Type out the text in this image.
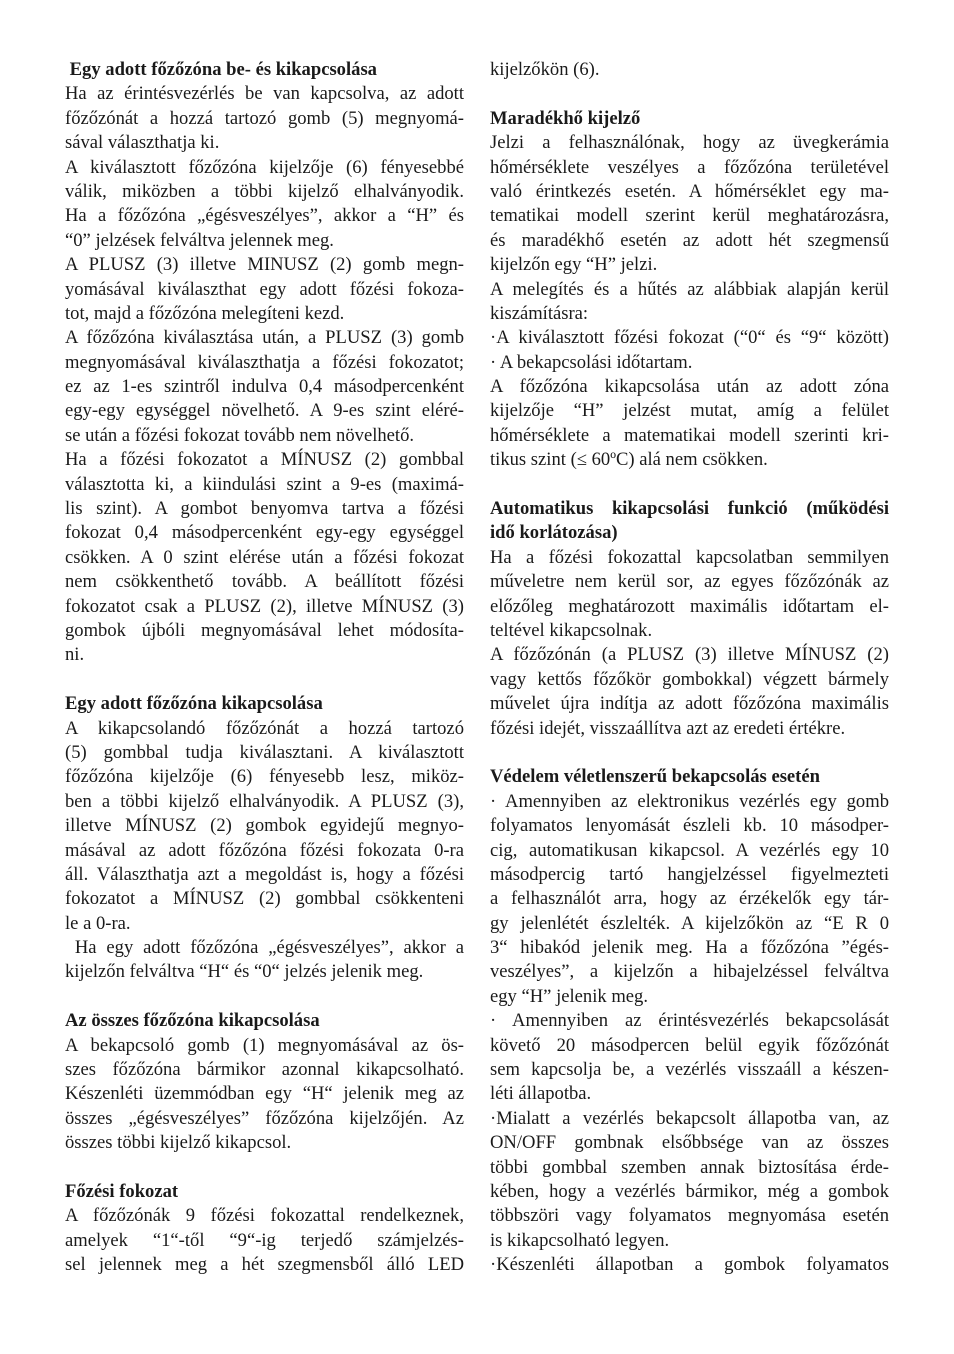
Egy adott főzőzóna be- és kikapcsolása
Ha az érintésvezérlés be van kapcsolva, az adott
főzőzónát a hozzá tartozó gomb (5) megnyomá-
sával választhatja ki.
A kiválasztott főzőzóna kijelzője (6) fényesebbé
válik, miközben a többi kijelző elhalványodik.
Ha a főzőzóna „égésveszélyes”, akkor a “H” és
“0” jelzések felváltva jelennek meg.
A PLUSZ (3) illetve MINUSZ (2) gomb megn-
yomásával kiválaszthat egy adott főzési fokoza-
tot, majd a főzőzóna melegíteni kezd.
A főzőzóna kiválasztása után, a PLUSZ (3) gomb
megnyomásával kiválaszthatja a főzési fokozatot;
ez az 1-es szintről indulva 0,4 másodpercenként
egy-egy egységgel növelhető. A 9-es szint eléré-
se után a főzési fokozat tovább nem növelhető.
Ha a főzési fokozatot a MÍNUSZ (2) gombbal
választotta ki, a kiindulási szint a 9-es (maximá-
lis szint). A gombot benyomva tartva a főzési
fokozat 0,4 másodpercenként egy-egy egységgel
csökken. A 0 szint elérése után a főzési fokozat
nem csökkenthető tovább. A beállított főzési
fokozatot csak a PLUSZ (2), illetve MÍNUSZ (3)
gombok újbóli megnyomásával lehet módosíta-
ni.
Egy adott főzőzóna kikapcsolása
A kikapcsolandó főzőzónát a hozzá tartozó
(5) gombbal tudja kiválasztani. A kiválasztott
főzőzóna kijelzője (6) fényesebb lesz, miköz-
ben a többi kijelző elhalványodik. A PLUSZ (3),
illetve MÍNUSZ (2) gombok egyidejű megnyo-
másával az adott főzőzóna főzési fokozata 0-ra
áll. Választhatja azt a megoldást is, hogy a főzési
fokozatot a MÍNUSZ (2) gombbal csökkenteni
le a 0-ra.
Ha egy adott főzőzóna „égésveszélyes”, akkor a
kijelzőn felváltva “H“ és “0“ jelzés jelenik meg.
Az összes főzőzóna kikapcsolása
A bekapcsoló gomb (1) megnyomásával az ös-
szes főzőzóna bármikor azonnal kikapcsolható.
Készenléti üzemmódban egy “H“ jelenik meg az
összes „égésveszélyes” főzőzóna kijelzőjén. Az
összes többi kijelző kikapcsol.
Főzési fokozat
A főzőzónák 9 főzési fokozattal rendelkeznek,
amelyek “1“-től “9“-ig terjedő számjelzés-
sel jelennek meg a hét szegmensből álló LED
kijelzőkön (6).
Maradékhő kijelző
Jelzi a felhasználónak, hogy az üvegkerámia
hőmérséklete veszélyes a főzőzóna területével
való érintkezés esetén. A hőmérséklet egy ma-
tematikai modell szerint kerül meghatározásra,
és maradékhő esetén az adott hét szegmensű
kijelzőn egy “H” jelzi.
A melegítés és a hűtés az alábbiak alapján kerül
kiszámításra:
·A kiválasztott főzési fokozat (“0“ és “9“ között)
· A bekapcsolási időtartam.
A főzőzóna kikapcsolása után az adott zóna
kijelzője “H” jelzést mutat, amíg a felület
hőmérséklete a matematikai modell szerinti kri-
tikus szint (≤ 60ºC) alá nem csökken.
Automatikus kikapcsolási funkció (működési
idő korlátozása)
Ha a főzési fokozattal kapcsolatban semmilyen
műveletre nem kerül sor, az egyes főzőzónák az
előzőleg meghatározott maximális időtartam el-
teltével kikapcsolnak.
A főzőzónán (a PLUSZ (3) illetve MÍNUSZ (2)
vagy kettős főzőkör gombokkal) végzett bármely
művelet újra indítja az adott főzőzóna maximális
főzési idejét, visszaállítva azt az eredeti értékre.
Védelem véletlenszerű bekapcsolás esetén
· Amennyiben az elektronikus vezérlés egy gomb
folyamatos lenyomását észleli kb. 10 másodper-
cig, automatikusan kikapcsol. A vezérlés egy 10
másodpercig tartó hangjelzéssel figyelmezteti
a felhasználót arra, hogy az érzékelők egy tár-
gy jelenlétét észlelték. A kijelzőkön az “E R 0
3“ hibakód jelenik meg. Ha a főzőzóna ”égés-
veszélyes”, a kijelzőn a hibajelzéssel felváltva
egy “H” jelenik meg.
· Amennyiben az érintésvezérlés bekapcsolását
követő 20 másodpercen belül egyik főzőzónát
sem kapcsolja be, a vezérlés visszaáll a készen-
léti állapotba.
·Mialatt a vezérlés bekapcsolt állapotba van, az
ON/OFF gombnak elsőbbsége van az összes
többi gombbal szemben annak biztosítása érde-
kében, hogy a vezérlés bármikor, még a gombok
többszöri vagy folyamatos megnyomása esetén
is kikapcsolható legyen.
·Készenléti állapotban a gombok folyamatos
